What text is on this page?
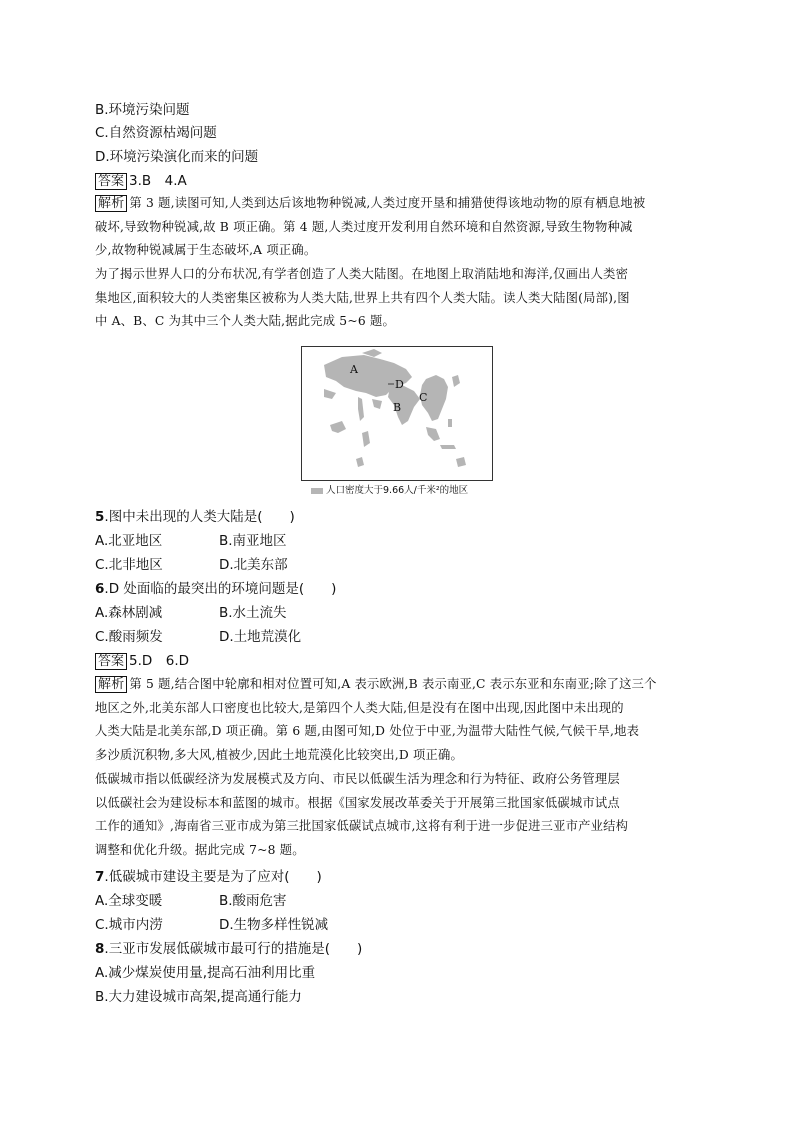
B.环境污染问题
C.自然资源枯竭问题
D.环境污染演化而来的问题
答案 3.B　4.A
解析 第 3 题,读图可知,人类到达后该地物种锐减,人类过度开垦和捕猎使得该地动物的原有栖息地被
破坏,导致物种锐减,故 B 项正确。第 4 题,人类过度开发利用自然环境和自然资源,导致生物物种减
少,故物种锐减属于生态破坏,A 项正确。
为了揭示世界人口的分布状况,有学者创造了人类大陆图。在地图上取消陆地和海洋,仅画出人类密
集地区,面积较大的人类密集区被称为人类大陆,世界上共有四个人类大陆。读人类大陆图(局部),图
中 A、B、C 为其中三个人类大陆,据此完成 5~6 题。
A
D
B
C
人口密度大于9.66人/千米²的地区
5.图中未出现的人类大陆是(　　)
A.北亚地区	B.南亚地区
C.北非地区	D.北美东部
6.D 处面临的最突出的环境问题是(　　)
A.森林剧减	B.水土流失
C.酸雨频发	D.土地荒漠化
答案 5.D　6.D
解析 第 5 题,结合图中轮廓和相对位置可知,A 表示欧洲,B 表示南亚,C 表示东亚和东南亚;除了这三个
地区之外,北美东部人口密度也比较大,是第四个人类大陆,但是没有在图中出现,因此图中未出现的
人类大陆是北美东部,D 项正确。第 6 题,由图可知,D 处位于中亚,为温带大陆性气候,气候干旱,地表
多沙质沉积物,多大风,植被少,因此土地荒漠化比较突出,D 项正确。
低碳城市指以低碳经济为发展模式及方向、市民以低碳生活为理念和行为特征、政府公务管理层
以低碳社会为建设标本和蓝图的城市。根据《国家发展改革委关于开展第三批国家低碳城市试点
工作的通知》,海南省三亚市成为第三批国家低碳试点城市,这将有利于进一步促进三亚市产业结构
调整和优化升级。据此完成 7~8 题。
7.低碳城市建设主要是为了应对(　　)
A.全球变暖	B.酸雨危害
C.城市内涝	D.生物多样性锐减
8.三亚市发展低碳城市最可行的措施是(　　)
A.减少煤炭使用量,提高石油利用比重
B.大力建设城市高架,提高通行能力
